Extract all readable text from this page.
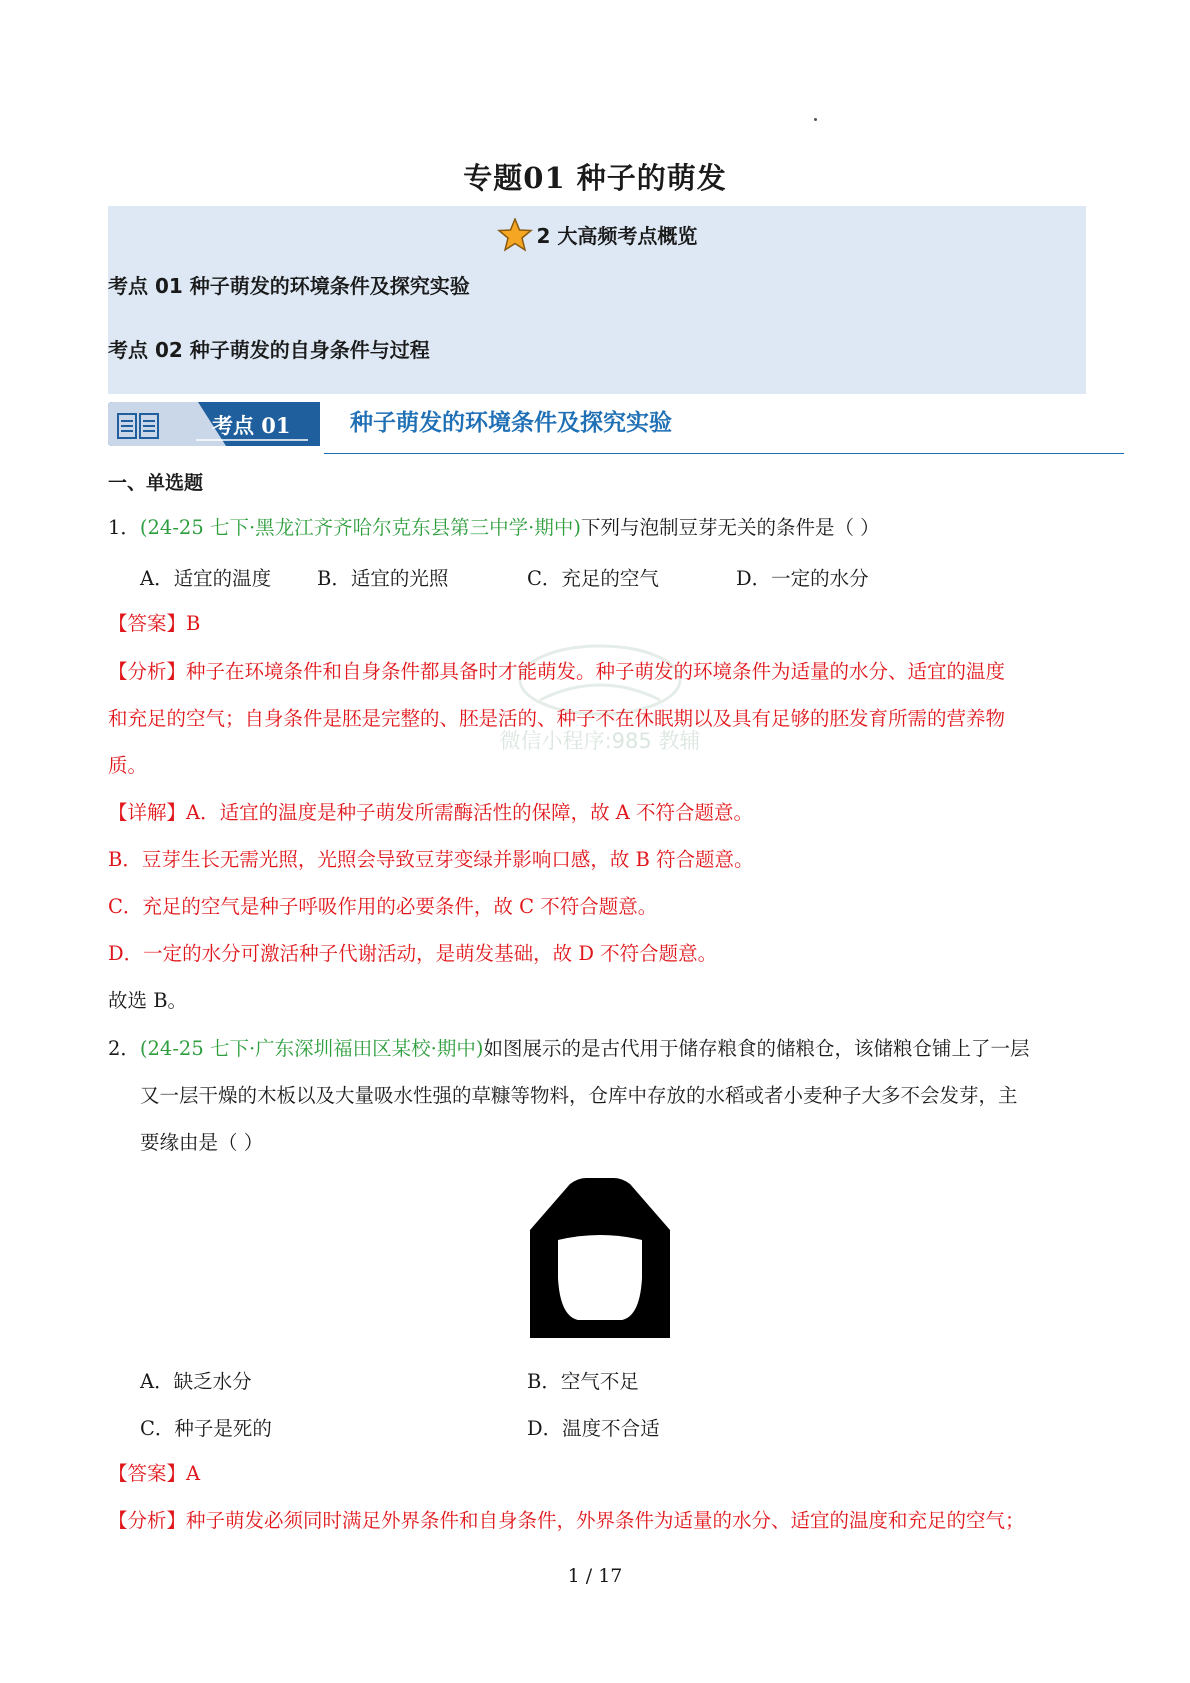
专题01 种子的萌发
2 大高频考点概览
考点 01 种子萌发的环境条件及探究实验
考点 02 种子萌发的自身条件与过程
考点 01	种子萌发的环境条件及探究实验
一、单选题
微信小程序:985 教辅
1．(24-25 七下·黑龙江齐齐哈尔克东县第三中学·期中)下列与泡制豆芽无关的条件是（ ）
A．适宜的温度 B．适宜的光照	C．充足的空气	D．一定的水分
【答案】B
【分析】种子在环境条件和自身条件都具备时才能萌发。种子萌发的环境条件为适量的水分、适宜的温度
和充足的空气；自身条件是胚是完整的、胚是活的、种子不在休眠期以及具有足够的胚发育所需的营养物
质。
【详解】A．适宜的温度是种子萌发所需酶活性的保障，故 A 不符合题意。
B．豆芽生长无需光照，光照会导致豆芽变绿并影响口感，故 B 符合题意。
C．充足的空气是种子呼吸作用的必要条件，故 C 不符合题意。
D．一定的水分可激活种子代谢活动，是萌发基础，故 D 不符合题意。
故选 B。
2．(24-25 七下·广东深圳福田区某校·期中)如图展示的是古代用于储存粮食的储粮仓，该储粮仓铺上了一层
又一层干燥的木板以及大量吸水性强的草糠等物料，仓库中存放的水稻或者小麦种子大多不会发芽，主
要缘由是（ ）
A．缺乏水分	B．空气不足
C．种子是死的	D．温度不合适
【答案】A
【分析】种子萌发必须同时满足外界条件和自身条件，外界条件为适量的水分、适宜的温度和充足的空气；
1 / 17
